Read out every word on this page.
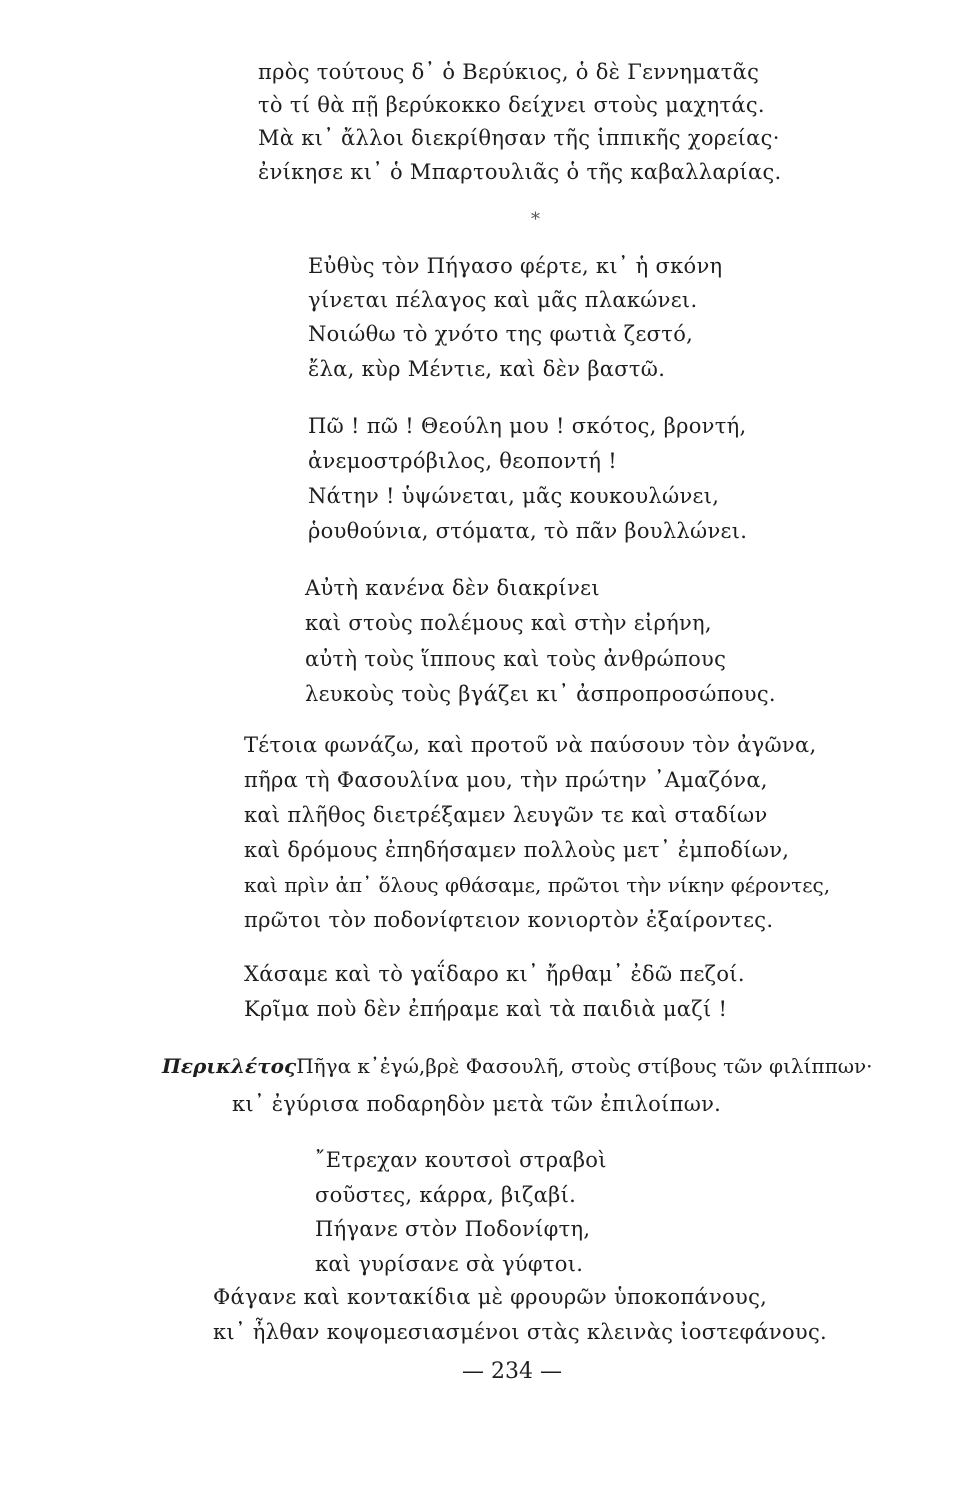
πρὸς τούτους δ᾽ ὁ Βερύκιος, ὁ δὲ Γεννηματᾶς
τὸ τί θὰ πῇ βερύκοκκο δείχνει στοὺς μαχητάς.
Μὰ κι᾽ ἄλλοι διεκρίθησαν τῆς ἱππικῆς χορείας·
ἐνίκησε κι᾽ ὁ Μπαρτουλιᾶς ὁ τῆς καβαλλαρίας.
*
Εὐθὺς τὸν Πήγασο φέρτε, κι᾽ ἡ σκόνη
γίνεται πέλαγος καὶ μᾶς πλακώνει.
Νοιώθω τὸ χνότο της φωτιὰ ζεστό,
ἔλα, κὺρ Μέντιε, καὶ δὲν βαστῶ.
Πῶ ! πῶ ! Θεούλη μου ! σκότος, βροντή,
ἀνεμοστρόβιλος, θεοποντή !
Νάτην ! ὑψώνεται, μᾶς κουκουλώνει,
ῥουθούνια, στόματα, τὸ πᾶν βουλλώνει.
Αὐτὴ κανένα δὲν διακρίνει
καὶ στοὺς πολέμους καὶ στὴν εἰρήνη,
αὐτὴ τοὺς ἵππους καὶ τοὺς ἀνθρώπους
λευκοὺς τοὺς βγάζει κι᾽ ἀσπροπροσώπους.
Τέτοια φωνάζω, καὶ προτοῦ νὰ παύσουν τὸν ἀγῶνα,
πῆρα τὴ Φασουλίνα μου, τὴν πρώτην ᾿Αμαζόνα,
καὶ πλῆθος διετρέξαμεν λευγῶν τε καὶ σταδίων
καὶ δρόμους ἐπηδήσαμεν πολλοὺς μετ᾽ ἐμποδίων,
καὶ πρὶν ἀπ᾽ ὅλους φθάσαμε, πρῶτοι τὴν νίκην φέροντες,
πρῶτοι τὸν ποδονίφτειον κονιορτὸν ἐξαίροντες.
Χάσαμε καὶ τὸ γαΐδαρο κι᾽ ἤρθαμ᾽ ἐδῶ πεζοί.
Κρῖμα ποὺ δὲν ἐπήραμε καὶ τὰ παιδιὰ μαζί !
ΠερικλέτοςΠῆγα κ᾽ἐγώ,βρὲ Φασουλῆ, στοὺς στίβους τῶν φιλίππων·
κι᾽ ἐγύρισα ποδαρηδὸν μετὰ τῶν ἐπιλοίπων.
῎Ετρεχαν κουτσοὶ στραβοὶ
σοῦστες, κάρρα, βιζαβί.
Πήγανε στὸν Ποδονίφτη,
καὶ γυρίσανε σὰ γύφτοι.
Φάγανε καὶ κοντακίδια μὲ φρουρῶν ὑποκοπάνους,
κι᾽ ἦλθαν κοψομεσιασμένοι στὰς κλεινὰς ἰοστεφάνους.
— 234 —
